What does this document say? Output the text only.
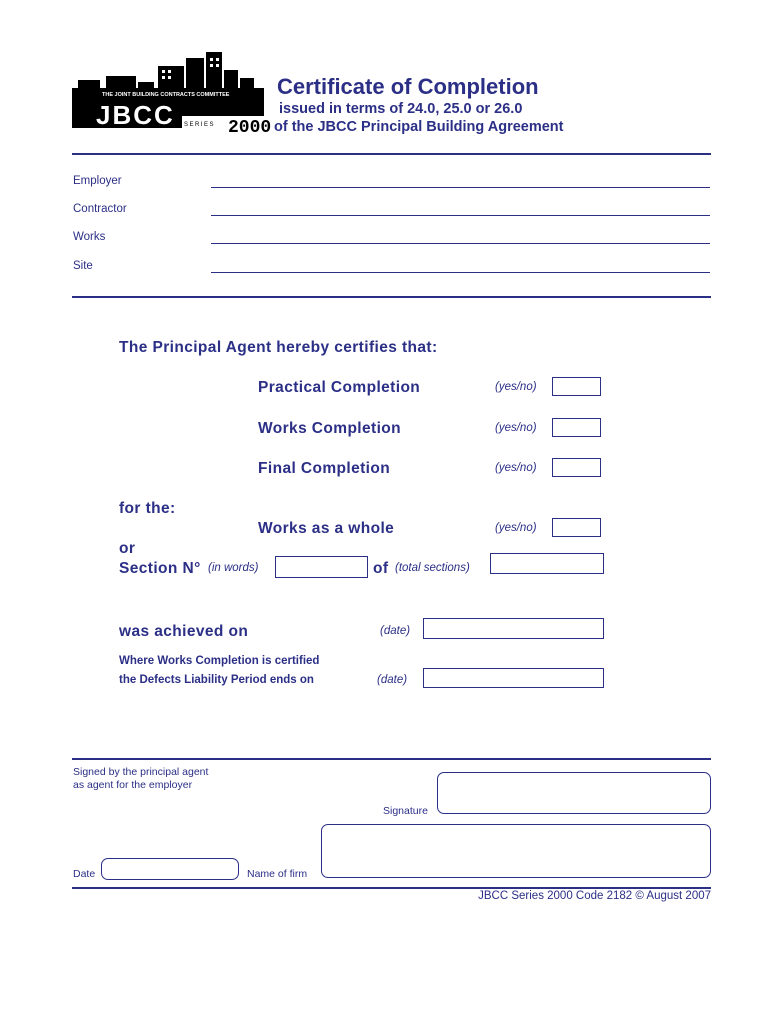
THE JOINT BUILDING CONTRACTS COMMITTEE
JBCC SERIES 2000
Certificate of Completion
issued in terms of 24.0, 25.0 or 26.0
of the JBCC Principal Building Agreement
Employer
Contractor
Works
Site
The Principal Agent hereby certifies that:
Practical Completion	(yes/no)
Works Completion	(yes/no)
Final Completion	(yes/no)
for the:
Works as a whole	(yes/no)
or
Section N° (in words)	of (total sections)
was achieved on	(date)
Where Works Completion is certified
the Defects Liability Period ends on	(date)
Signed by the principal agent
as agent for the employer
Signature
Date	Name of firm
JBCC Series 2000 Code 2182 © August 2007
